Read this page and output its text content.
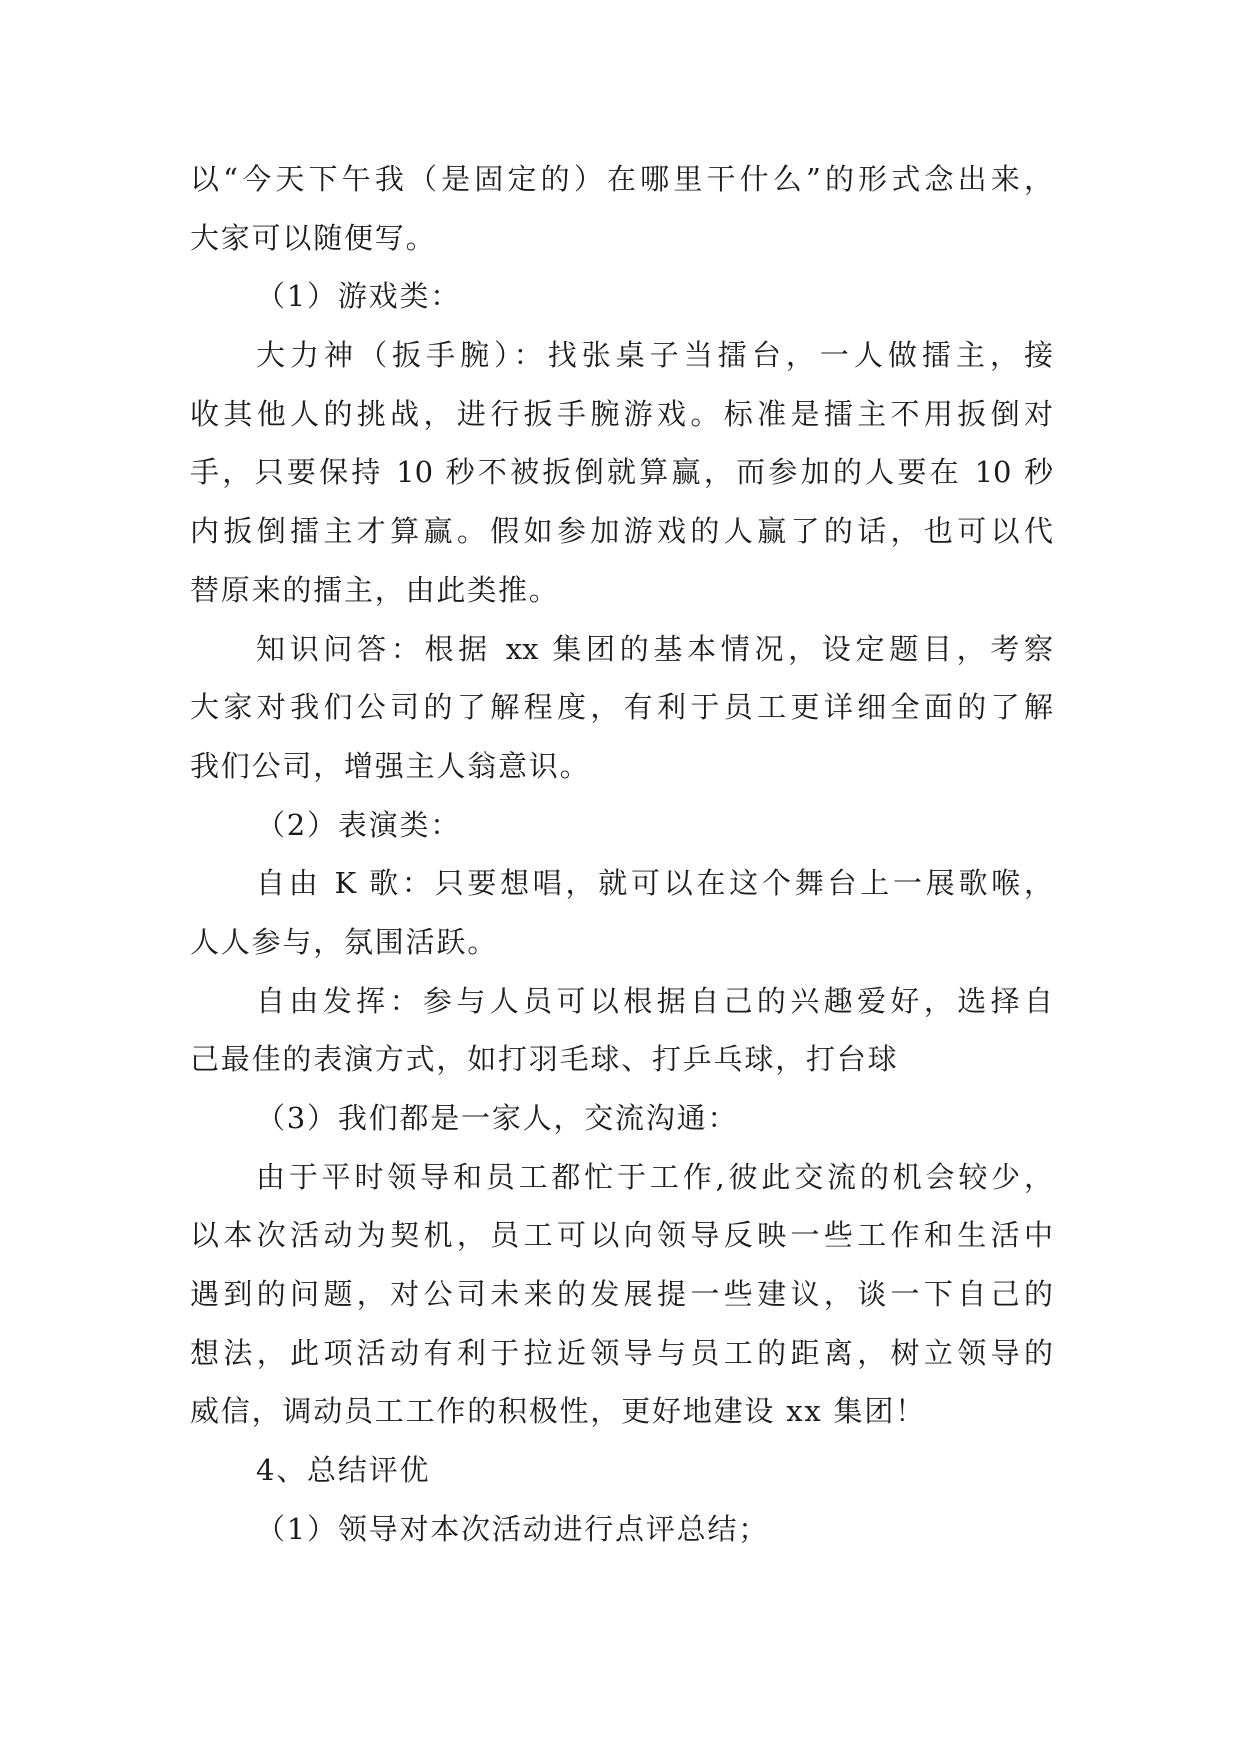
以“今天下午我（是固定的）在哪里干什么”的形式念出来，

大家可以随便写。

（1）游戏类：

大力神（扳手腕）：找张桌子当擂台，一人做擂主，接

收其他人的挑战，进行扳手腕游戏。标准是擂主不用扳倒对

手，只要保持 10 秒不被扳倒就算赢，而参加的人要在 10 秒

内扳倒擂主才算赢。假如参加游戏的人赢了的话，也可以代

替原来的擂主，由此类推。

知识问答：根据 xx 集团的基本情况，设定题目，考察

大家对我们公司的了解程度，有利于员工更详细全面的了解

我们公司，增强主人翁意识。

（2）表演类：

自由 K 歌：只要想唱，就可以在这个舞台上一展歌喉，

人人参与，氛围活跃。

自由发挥：参与人员可以根据自己的兴趣爱好，选择自

己最佳的表演方式，如打羽毛球、打乒乓球，打台球

（3）我们都是一家人，交流沟通：

由于平时领导和员工都忙于工作,彼此交流的机会较少，

以本次活动为契机，员工可以向领导反映一些工作和生活中

遇到的问题，对公司未来的发展提一些建议，谈一下自己的

想法，此项活动有利于拉近领导与员工的距离，树立领导的

威信，调动员工工作的积极性，更好地建设 xx 集团！

4、总结评优

（1）领导对本次活动进行点评总结；
